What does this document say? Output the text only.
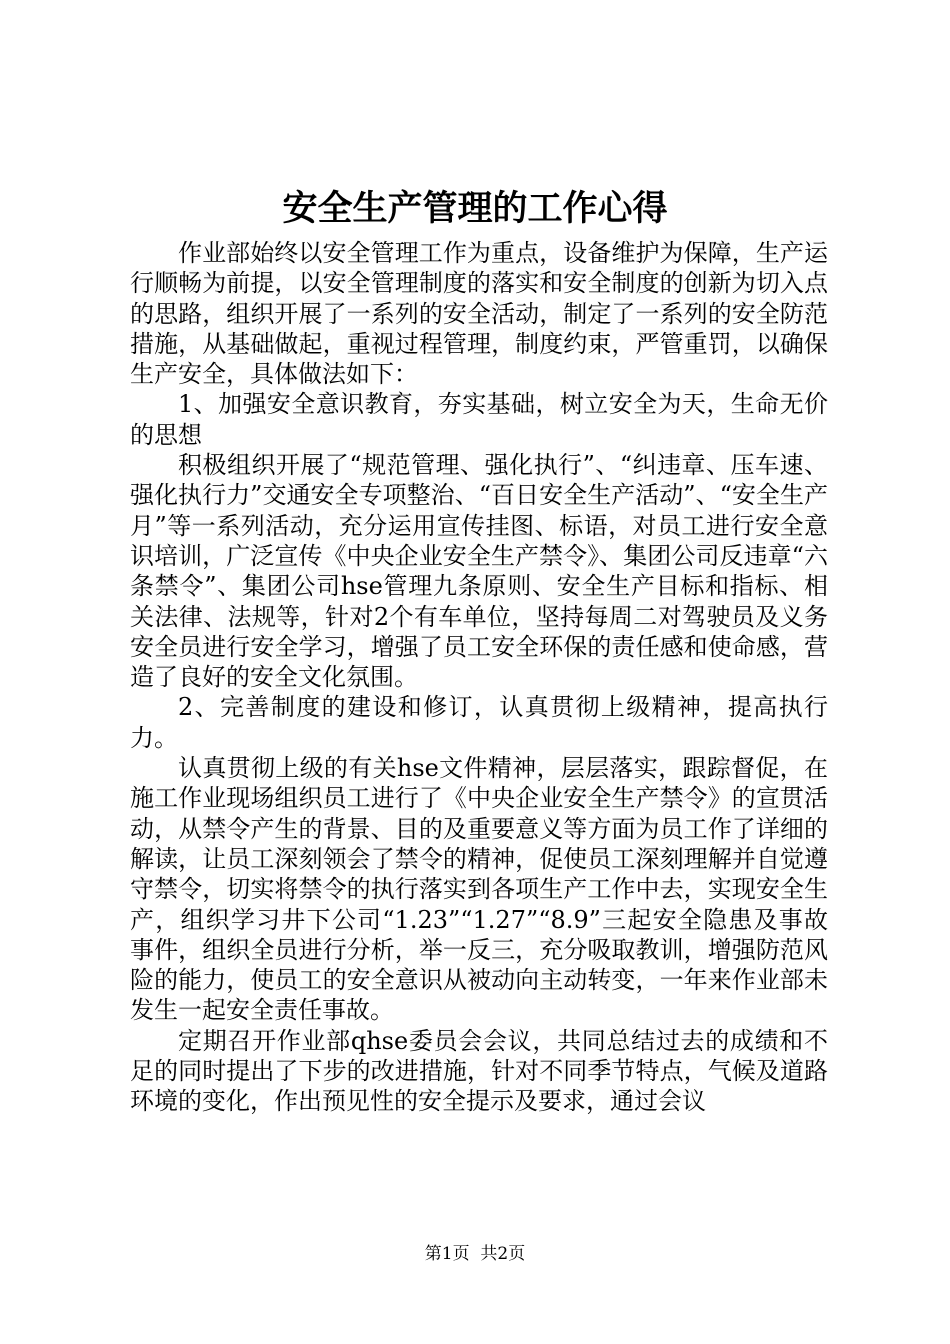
安全生产管理的工作心得

作业部始终以安全管理工作为重点，设备维护为保障，生产运行顺畅为前提，以安全管理制度的落实和安全制度的创新为切入点的思路，组织开展了一系列的安全活动，制定了一系列的安全防范措施，从基础做起，重视过程管理，制度约束，严管重罚，以确保生产安全，具体做法如下：

1、加强安全意识教育，夯实基础，树立安全为天，生命无价的思想

积极组织开展了“规范管理、强化执行”、“纠违章、压车速、强化执行力”交通安全专项整治、“百日安全生产活动”、“安全生产月”等一系列活动，充分运用宣传挂图、标语，对员工进行安全意识培训，广泛宣传《中央企业安全生产禁令》、集团公司反违章“六条禁令”、集团公司hse管理九条原则、安全生产目标和指标、相关法律、法规等，针对2个有车单位，坚持每周二对驾驶员及义务安全员进行安全学习，增强了员工安全环保的责任感和使命感，营造了良好的安全文化氛围。

2、完善制度的建设和修订，认真贯彻上级精神，提高执行力。

认真贯彻上级的有关hse文件精神，层层落实，跟踪督促，在施工作业现场组织员工进行了《中央企业安全生产禁令》的宣贯活动，从禁令产生的背景、目的及重要意义等方面为员工作了详细的解读，让员工深刻领会了禁令的精神，促使员工深刻理解并自觉遵守禁令，切实将禁令的执行落实到各项生产工作中去，实现安全生产，组织学习井下公司“1.23”“1.27”“8.9”三起安全隐患及事故事件，组织全员进行分析，举一反三，充分吸取教训，增强防范风险的能力，使员工的安全意识从被动向主动转变，一年来作业部未发生一起安全责任事故。

定期召开作业部qhse委员会会议，共同总结过去的成绩和不足的同时提出了下步的改进措施，针对不同季节特点，气候及道路环境的变化，作出预见性的安全提示及要求，通过会议

第1页 共2页
